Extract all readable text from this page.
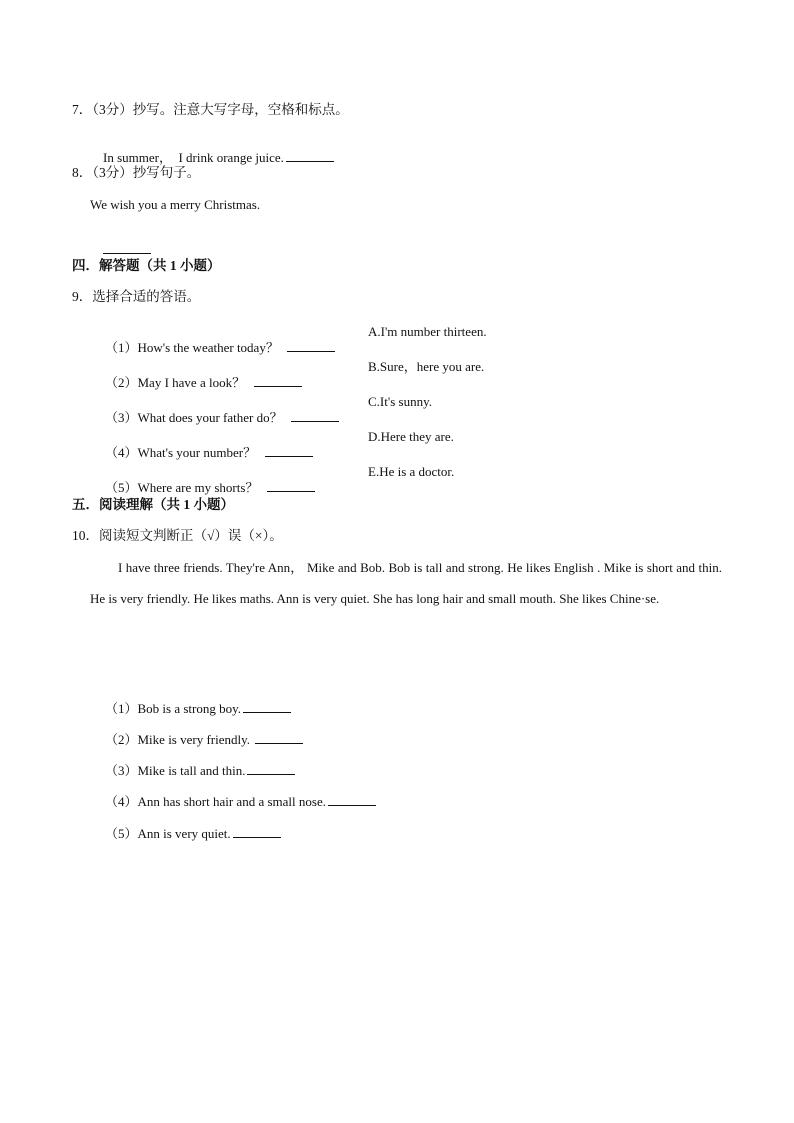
7．（3分）抄写。注意大写字母，空格和标点。

In summer，  I drink orange juice.

8．（3分）抄写句子。
We wish you a merry Christmas.

四．解答题（共 1 小题）
9．选择合适的答语。

（1）How's the weather today？

A.I'm number thirteen.

（2）May I have a look？

B.Sure，here you are.

（3）What does your father do？

C.It's sunny.

（4）What's your number？

D.Here they are.

（5）Where are my shorts？

E.He is a doctor.
五．阅读理解（共 1 小题）
10．阅读短文判断正（√）误（×）。
I have three friends. They're Ann， Mike and Bob. Bob is tall and strong. He likes English . Mike is short and thin. He is very friendly. He likes maths. Ann is very quiet. She has long hair and small mouth. She likes Chine·se.

（1）Bob is a strong boy.

（2）Mike is very friendly.

（3）Mike is tall and thin.

（4）Ann has short hair and a small nose.

（5）Ann is very quiet.
